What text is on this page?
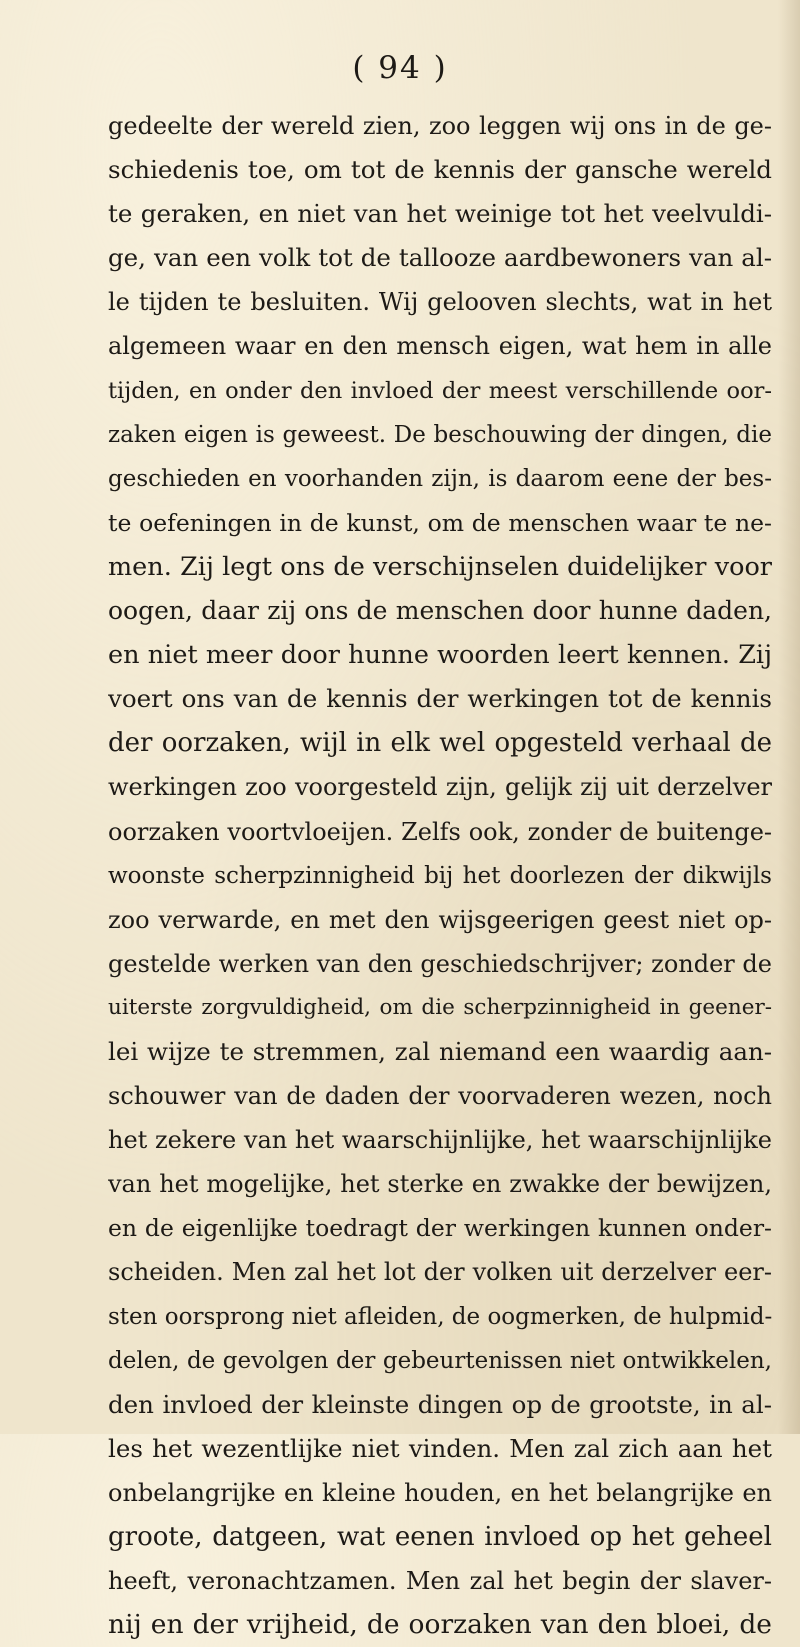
( 94 )
gedeelte der wereld zien, zoo leggen wij ons in de ge-
schiedenis toe, om tot de kennis der gansche wereld
te geraken, en niet van het weinige tot het veelvuldi-
ge, van een volk tot de tallooze aardbewoners van al-
le tijden te besluiten. Wij gelooven slechts, wat in het
algemeen waar en den mensch eigen, wat hem in alle
tijden, en onder den invloed der meest verschillende oor-
zaken eigen is geweest. De beschouwing der dingen, die
geschieden en voorhanden zijn, is daarom eene der bes-
te oefeningen in de kunst, om de menschen waar te ne-
men. Zij legt ons de verschijnselen duidelijker voor
oogen, daar zij ons de menschen door hunne daden,
en niet meer door hunne woorden leert kennen. Zij
voert ons van de kennis der werkingen tot de kennis
der oorzaken, wijl in elk wel opgesteld verhaal de
werkingen zoo voorgesteld zijn, gelijk zij uit derzelver
oorzaken voortvloeijen. Zelfs ook, zonder de buitenge-
woonste scherpzinnigheid bij het doorlezen der dikwijls
zoo verwarde, en met den wijsgeerigen geest niet op-
gestelde werken van den geschiedschrijver; zonder de
uiterste zorgvuldigheid, om die scherpzinnigheid in geener-
lei wijze te stremmen, zal niemand een waardig aan-
schouwer van de daden der voorvaderen wezen, noch
het zekere van het waarschijnlijke, het waarschijnlijke
van het mogelijke, het sterke en zwakke der bewijzen,
en de eigenlijke toedragt der werkingen kunnen onder-
scheiden. Men zal het lot der volken uit derzelver eer-
sten oorsprong niet afleiden, de oogmerken, de hulpmid-
delen, de gevolgen der gebeurtenissen niet ontwikkelen,
den invloed der kleinste dingen op de grootste, in al-
les het wezentlijke niet vinden. Men zal zich aan het
onbelangrijke en kleine houden, en het belangrijke en
groote, datgeen, wat eenen invloed op het geheel
heeft, veronachtzamen. Men zal het begin der slaver-
nij en der vrijheid, de oorzaken van den bloei, de
